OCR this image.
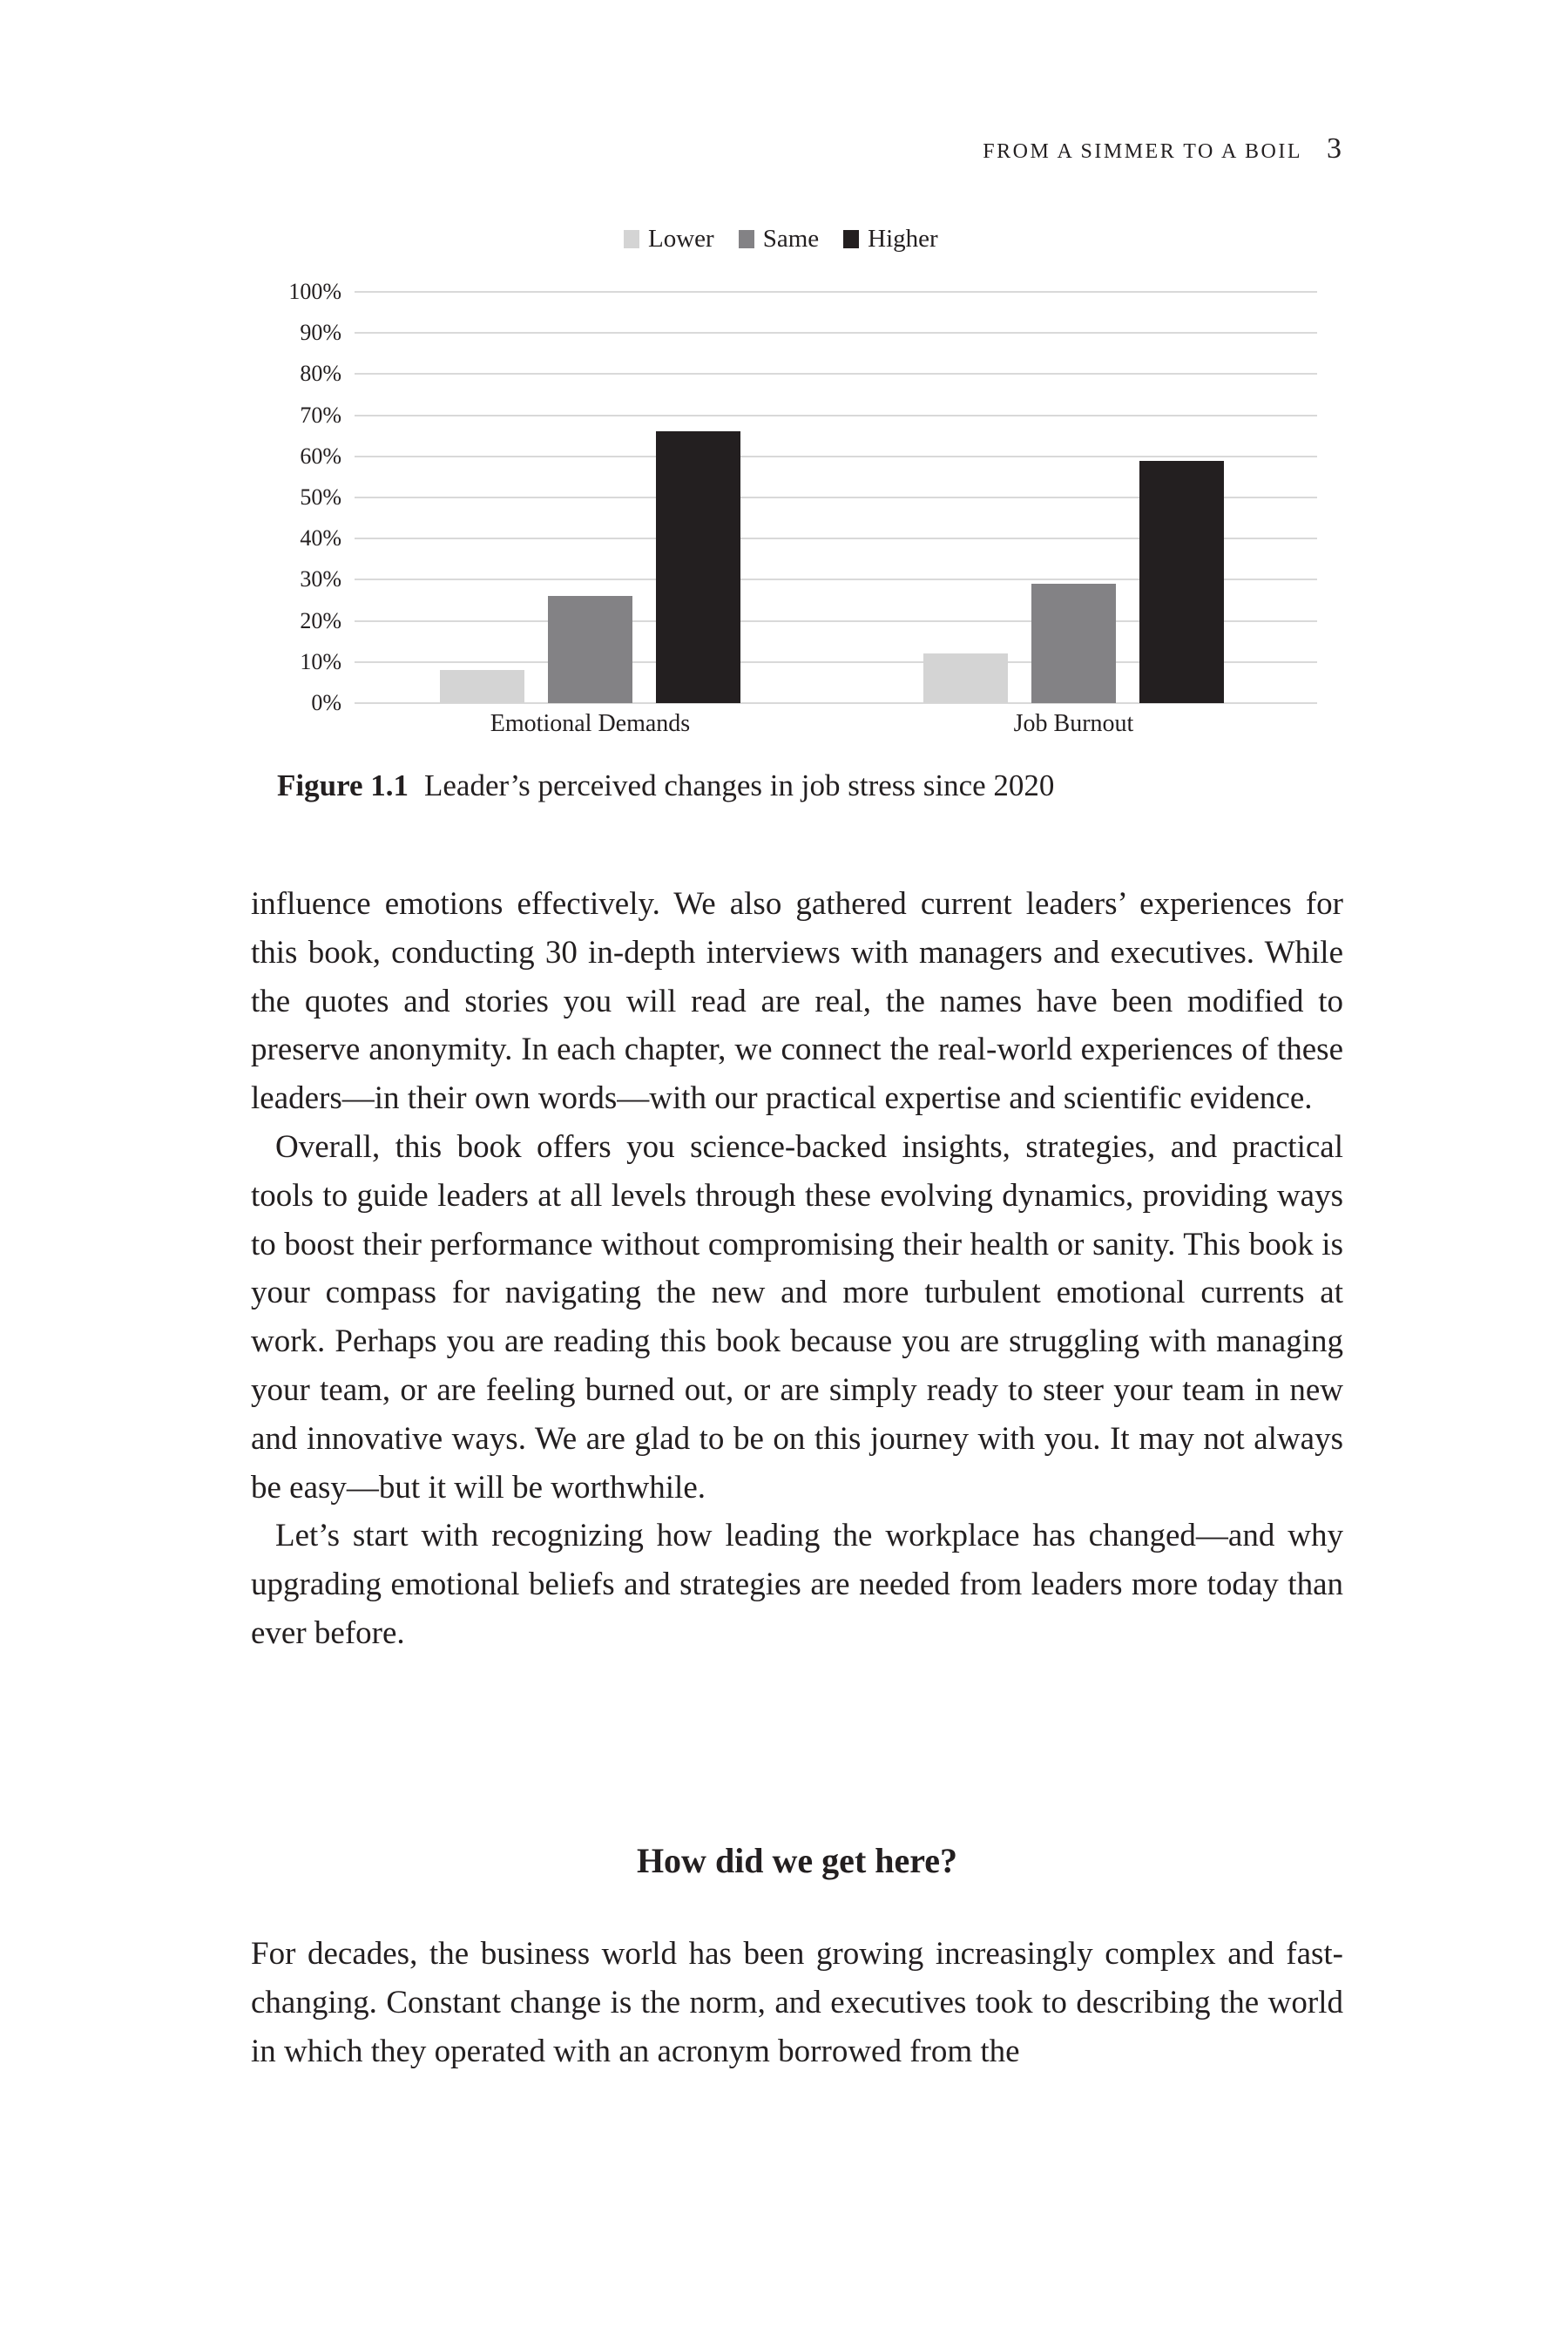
FROM A SIMMER TO A BOIL 3
Lower Same Higher
0%
10%
20%
30%
40%
50%
60%
70%
80%
90%
100%
Emotional Demands	Job Burnout
Figure 1.1 Leader’s perceived changes in job stress since 2020

influence emotions effectively. We also gathered current leaders’ experiences for this book, conducting 30 in-depth interviews with managers and executives. While the quotes and stories you will read are real, the names have been modified to preserve anonymity. In each chapter, we connect the real-world experiences of these leaders—in their own words—with our practical expertise and scientific evidence.

Overall, this book offers you science-backed insights, strategies, and practical tools to guide leaders at all levels through these evolving dynamics, providing ways to boost their performance without compromising their health or sanity. This book is your compass for navigating the new and more turbulent emotional currents at work. Perhaps you are reading this book because you are struggling with managing your team, or are feeling burned out, or are simply ready to steer your team in new and innovative ways. We are glad to be on this journey with you. It may not always be easy—but it will be worthwhile.

Let’s start with recognizing how leading the workplace has changed—and why upgrading emotional beliefs and strategies are needed from leaders more today than ever before.

How did we get here?

For decades, the business world has been growing increasingly complex and fast-changing. Constant change is the norm, and executives took to describing the world in which they operated with an acronym borrowed from the
